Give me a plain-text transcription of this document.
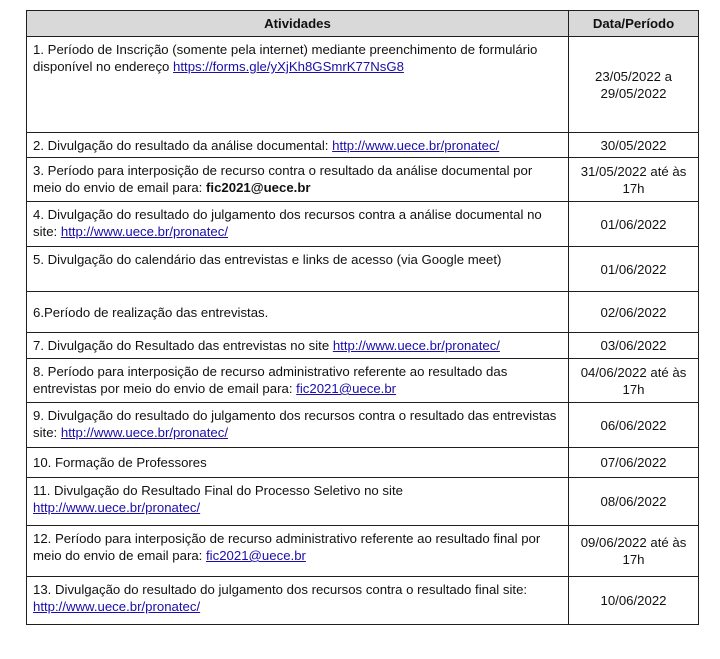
Atividades	Data/Período
1. Período de Inscrição (somente pela internet) mediante preenchimento de formulário disponível no endereço https://forms.gle/yXjKh8GSmrK77NsG8	23/05/2022 a
29/05/2022
2. Divulgação do resultado da análise documental: http://www.uece.br/pronatec/	30/05/2022
3. Período para interposição de recurso contra o resultado da análise documental por meio do envio de email para: fic2021@uece.br	31/05/2022 até às
17h
4. Divulgação do resultado do julgamento dos recursos contra a análise documental no site: http://www.uece.br/pronatec/	01/06/2022
5. Divulgação do calendário das entrevistas e links de acesso (via Google meet)	01/06/2022
6.Período de realização das entrevistas.	02/06/2022
7. Divulgação do Resultado das entrevistas no site http://www.uece.br/pronatec/	03/06/2022
8. Período para interposição de recurso administrativo referente ao resultado das entrevistas por meio do envio de email para: fic2021@uece.br	04/06/2022 até às
17h
9. Divulgação do resultado do julgamento dos recursos contra o resultado das entrevistas site: http://www.uece.br/pronatec/	06/06/2022
10. Formação de Professores	07/06/2022
11. Divulgação do Resultado Final do Processo Seletivo no site http://www.uece.br/pronatec/	08/06/2022
12. Período para interposição de recurso administrativo referente ao resultado final por meio do envio de email para: fic2021@uece.br	09/06/2022 até às
17h
13. Divulgação do resultado do julgamento dos recursos contra o resultado final site: http://www.uece.br/pronatec/	10/06/2022
